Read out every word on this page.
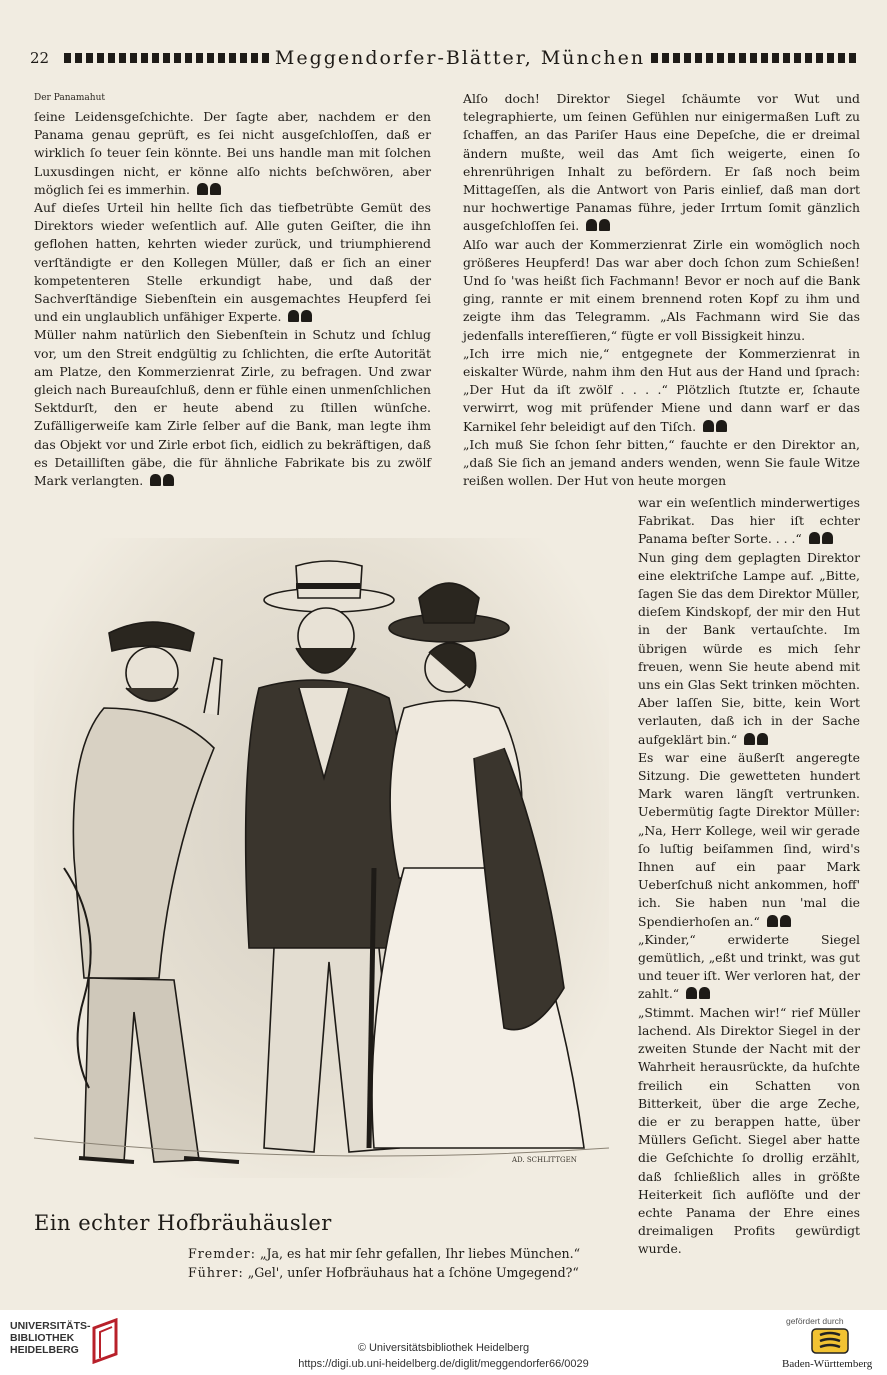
22	Meggendorfer-Blätter, München
Der Panamahut

ſeine Leidensgeſchichte. Der ſagte aber, nachdem er den Panama genau geprüft, es ſei nicht ausgeſchloſſen, daß er wirklich ſo teuer ſein könnte. Bei uns handle man mit ſolchen Luxusdingen nicht, er könne alſo nichts beſchwören, aber möglich ſei es immerhin.

Auf dieſes Urteil hin hellte ſich das tiefbetrübte Gemüt des Direktors wieder weſentlich auf. Alle guten Geiſter, die ihn geflohen hatten, kehrten wieder zurück, und triumphierend verſtändigte er den Kollegen Müller, daß er ſich an einer kompetenteren Stelle erkundigt habe, und daß der Sachverſtändige Siebenſtein ein ausgemachtes Heupferd ſei und ein unglaublich unfähiger Experte.

Müller nahm natürlich den Siebenſtein in Schutz und ſchlug vor, um den Streit endgültig zu ſchlichten, die erſte Autorität am Platze, den Kommerzienrat Zirle, zu befragen. Und zwar gleich nach Bureauſchluß, denn er fühle einen unmenſchlichen Sektdurſt, den er heute abend zu ſtillen wünſche. Zufälligerweiſe kam Zirle ſelber auf die Bank, man legte ihm das Objekt vor und Zirle erbot ſich, eidlich zu bekräftigen, daß es Detailliſten gäbe, die für ähnliche Fabrikate bis zu zwölf Mark verlangten.

Alſo doch! Direktor Siegel ſchäumte vor Wut und telegraphierte, um ſeinen Gefühlen nur einigermaßen Luft zu ſchaffen, an das Pariſer Haus eine Depeſche, die er dreimal ändern mußte, weil das Amt ſich weigerte, einen ſo ehrenrührigen Inhalt zu befördern. Er ſaß noch beim Mittageſſen, als die Antwort von Paris einlief, daß man dort nur hochwertige Panamas führe, jeder Irrtum ſomit gänzlich ausgeſchloſſen ſei.

Alſo war auch der Kommerzienrat Zirle ein womöglich noch größeres Heupferd! Das war aber doch ſchon zum Schießen! Und ſo 'was heißt ſich Fachmann! Bevor er noch auf die Bank ging, rannte er mit einem brennend roten Kopf zu ihm und zeigte ihm das Telegramm. „Als Fachmann wird Sie das jedenfalls intereſſieren,“ fügte er voll Bissigkeit hinzu.

„Ich irre mich nie,“ entgegnete der Kommerzienrat in eiskalter Würde, nahm ihm den Hut aus der Hand und ſprach: „Der Hut da iſt zwölf . . . .“ Plötzlich ſtutzte er, ſchaute verwirrt, wog mit prüfender Miene und dann warf er das Karnikel ſehr beleidigt auf den Tiſch.

„Ich muß Sie ſchon ſehr bitten,“ fauchte er den Direktor an, „daß Sie ſich an jemand anders wenden, wenn Sie faule Witze reißen wollen. Der Hut von heute morgen

war ein weſentlich minderwertiges Fabrikat. Das hier iſt echter Panama beſter Sorte. . . .“

Nun ging dem geplagten Direktor eine elektriſche Lampe auf. „Bitte, ſagen Sie das dem Direktor Müller, dieſem Kindskopf, der mir den Hut in der Bank vertauſchte. Im übrigen würde es mich ſehr freuen, wenn Sie heute abend mit uns ein Glas Sekt trinken möchten. Aber laſſen Sie, bitte, kein Wort verlauten, daß ich in der Sache aufgeklärt bin.“

Es war eine äußerſt angeregte Sitzung. Die gewetteten hundert Mark waren längſt vertrunken. Uebermütig ſagte Direktor Müller: „Na, Herr Kollege, weil wir gerade ſo luſtig beiſammen ſind, wird's Ihnen auf ein paar Mark Ueberſchuß nicht ankommen, hoff' ich. Sie haben nun 'mal die Spendierhoſen an.“

„Kinder,“ erwiderte Siegel gemütlich, „eßt und trinkt, was gut und teuer iſt. Wer verloren hat, der zahlt.“

„Stimmt. Machen wir!“ rief Müller lachend. Als Direktor Siegel in der zweiten Stunde der Nacht mit der Wahrheit herausrückte, da huſchte freilich ein Schatten von Bitterkeit, über die arge Zeche, die er zu berappen hatte, über Müllers Geſicht. Siegel aber hatte die Geſchichte ſo drollig erzählt, daß ſchließlich alles in größte Heiterkeit ſich auflöſte und der echte Panama der Ehre eines dreimaligen Profits gewürdigt wurde.

AD. SCHLITTGEN
Ein echter Hofbräuhäusler
Fremder: „Ja, es hat mir ſehr gefallen, Ihr liebes München.“
Führer: „Gel', unſer Hofbräuhaus hat a ſchöne Umgegend?“
UNIVERSITÄTS-
BIBLIOTHEK
HEIDELBERG	© Universitätsbibliothek Heidelberg
https://digi.ub.uni-heidelberg.de/diglit/meggendorfer66/0029
gefördert durch
Baden-Württemberg
